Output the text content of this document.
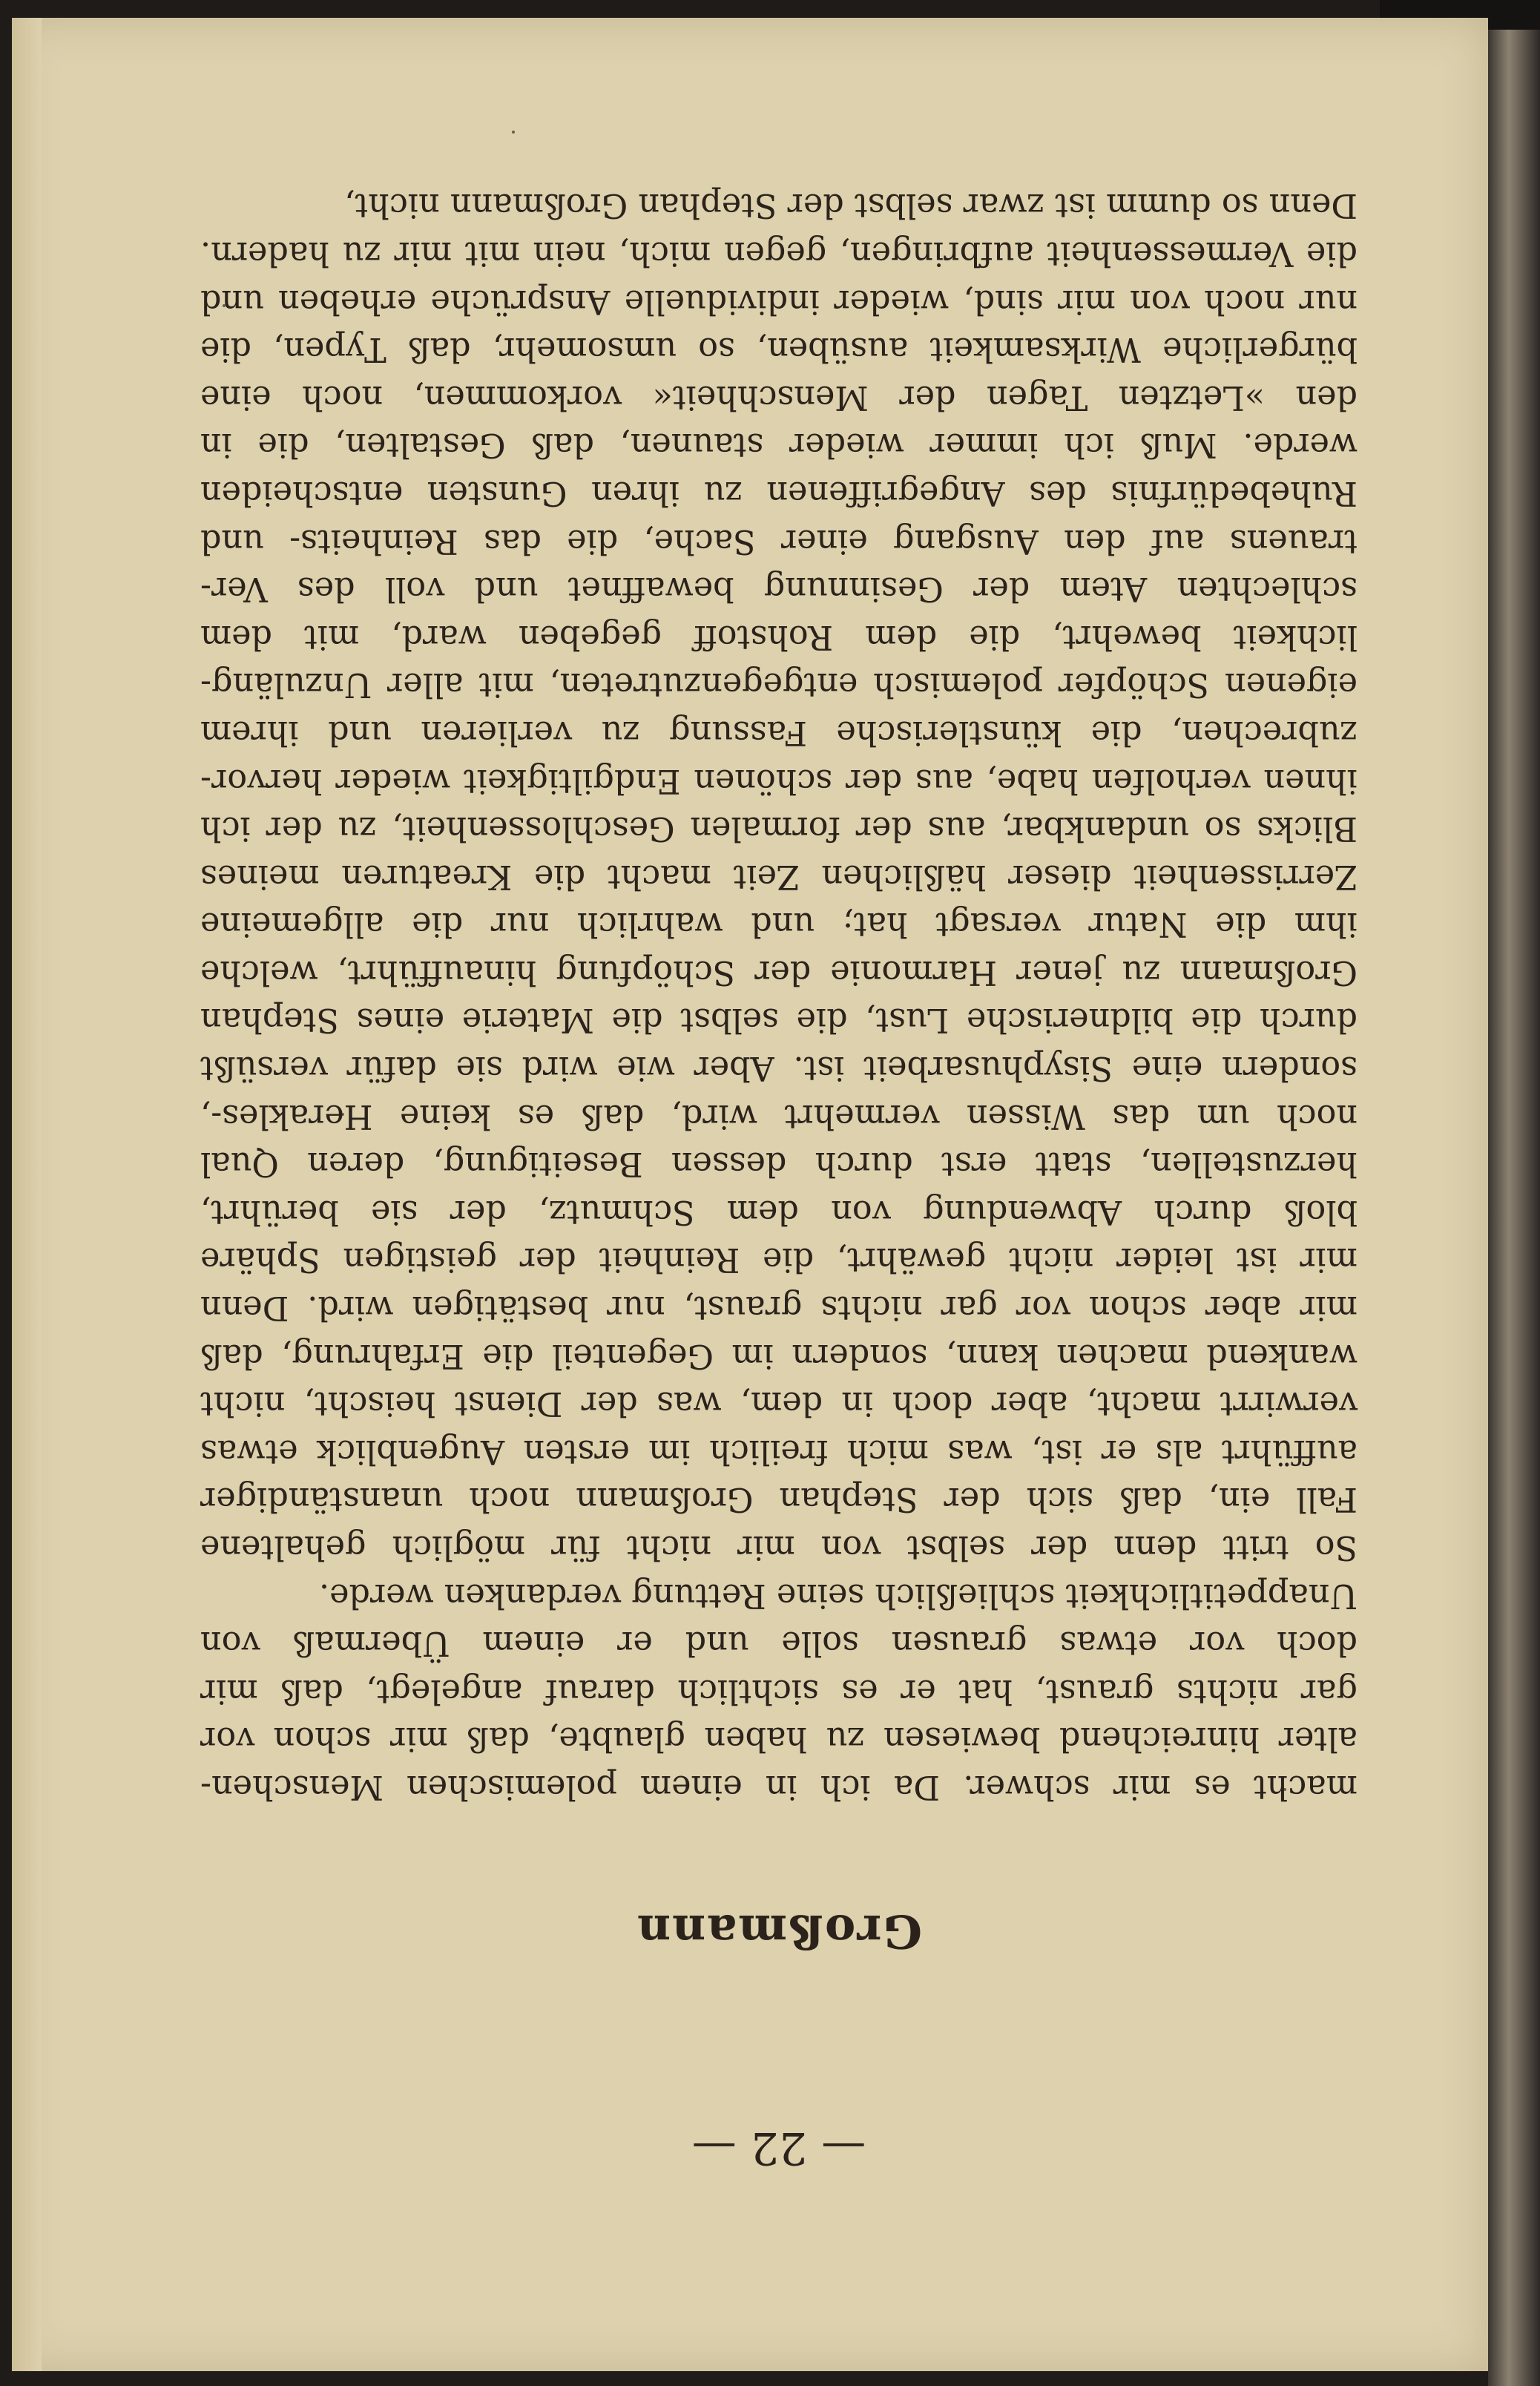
Großmann
macht es mir schwer. Da ich in einem polemischen Menschen-
alter hinreichend bewiesen zu haben glaubte, daß mir schon vor
gar nichts graust, hat er es sichtlich darauf angelegt, daß mir
doch vor etwas grausen solle und er einem Übermaß von
Unappetitlichkeit schließlich seine Rettung verdanken werde.
So tritt denn der selbst von mir nicht für möglich gehaltene
Fall ein, daß sich der Stephan Großmann noch unanständiger
aufführt als er ist, was mich freilich im ersten Augenblick etwas
verwirrt macht, aber doch in dem, was der Dienst heischt, nicht
wankend machen kann, sondern im Gegenteil die Erfahrung, daß
mir aber schon vor gar nichts graust, nur bestätigen wird. Denn
mir ist leider nicht gewährt, die Reinheit der geistigen Sphäre
bloß durch Abwendung von dem Schmutz, der sie berührt,
herzustellen, statt erst durch dessen Beseitigung, deren Qual
noch um das Wissen vermehrt wird, daß es keine Herakles-,
sondern eine Sisyphusarbeit ist. Aber wie wird sie dafür versüßt
durch die bildnerische Lust, die selbst die Materie eines Stephan
Großmann zu jener Harmonie der Schöpfung hinaufführt, welche
ihm die Natur versagt hat; und wahrlich nur die allgemeine
Zerrissenheit dieser häßlichen Zeit macht die Kreaturen meines
Blicks so undankbar, aus der formalen Geschlossenheit, zu der ich
ihnen verholfen habe, aus der schönen Endgiltigkeit wieder hervor-
zubrechen, die künstlerische Fassung zu verlieren und ihrem
eigenen Schöpfer polemisch entgegenzutreten, mit aller Unzuläng-
lichkeit bewehrt, die dem Rohstoff gegeben ward, mit dem
schlechten Atem der Gesinnung bewaffnet und voll des Ver-
trauens auf den Ausgang einer Sache, die das Reinheits- und
Ruhebedürfnis des Angegriffenen zu ihren Gunsten entscheiden
werde. Muß ich immer wieder staunen, daß Gestalten, die in
den »Letzten Tagen der Menschheit« vorkommen, noch eine
bürgerliche Wirksamkeit ausüben, so umsomehr, daß Typen, die
nur noch von mir sind, wieder individuelle Ansprüche erheben und
die Vermessenheit aufbringen, gegen mich, nein mit mir zu hadern.
Denn so dumm ist zwar selbst der Stephan Großmann nicht,
— 22 —
